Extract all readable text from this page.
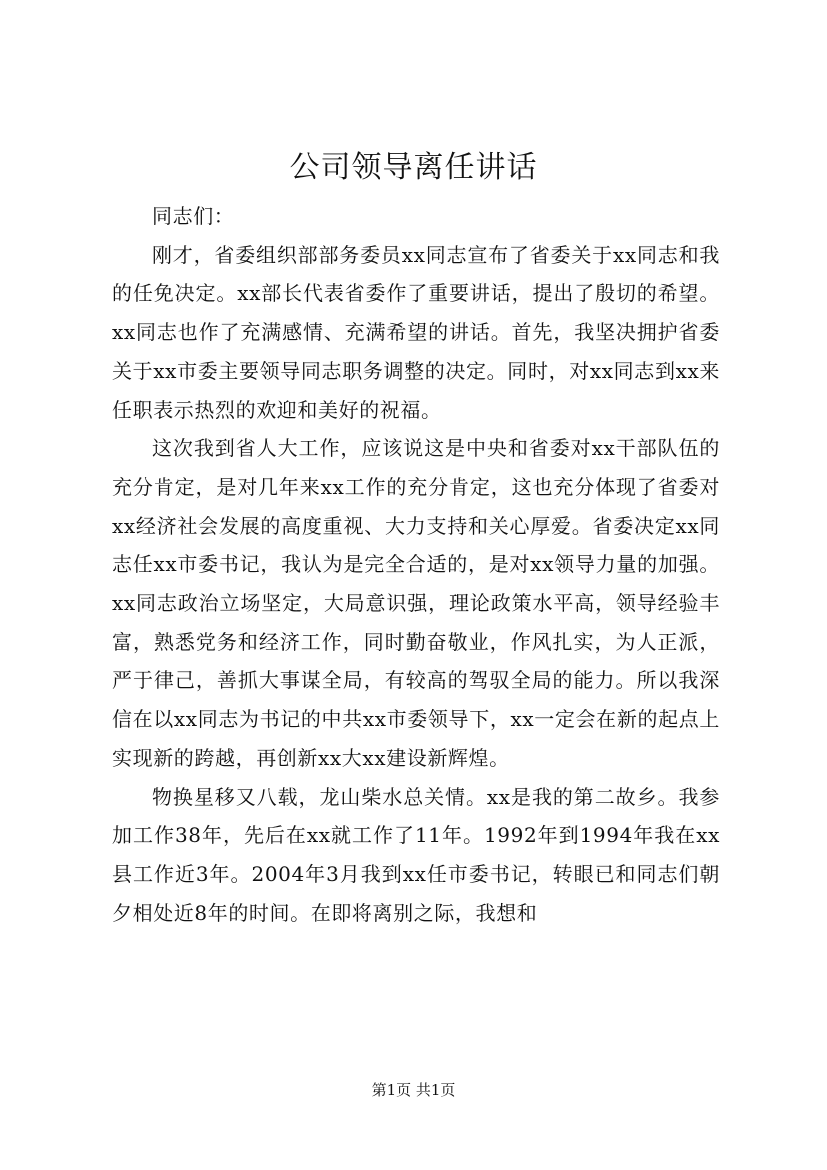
公司领导离任讲话

同志们：

刚才，省委组织部部务委员xx同志宣布了省委关于xx同志和我的任免决定。xx部长代表省委作了重要讲话，提出了殷切的希望。xx同志也作了充满感情、充满希望的讲话。首先，我坚决拥护省委关于xx市委主要领导同志职务调整的决定。同时，对xx同志到xx来任职表示热烈的欢迎和美好的祝福。

这次我到省人大工作，应该说这是中央和省委对xx干部队伍的充分肯定，是对几年来xx工作的充分肯定，这也充分体现了省委对xx经济社会发展的高度重视、大力支持和关心厚爱。省委决定xx同志任xx市委书记，我认为是完全合适的，是对xx领导力量的加强。xx同志政治立场坚定，大局意识强，理论政策水平高，领导经验丰富，熟悉党务和经济工作，同时勤奋敬业，作风扎实，为人正派，严于律己，善抓大事谋全局，有较高的驾驭全局的能力。所以我深信在以xx同志为书记的中共xx市委领导下，xx一定会在新的起点上实现新的跨越，再创新xx大xx建设新辉煌。

物换星移又八载，龙山柴水总关情。xx是我的第二故乡。我参加工作38年，先后在xx就工作了11年。1992年到1994年我在xx县工作近3年。2004年3月我到xx任市委书记，转眼已和同志们朝夕相处近8年的时间。在即将离别之际，我想和

第1页 共1页
